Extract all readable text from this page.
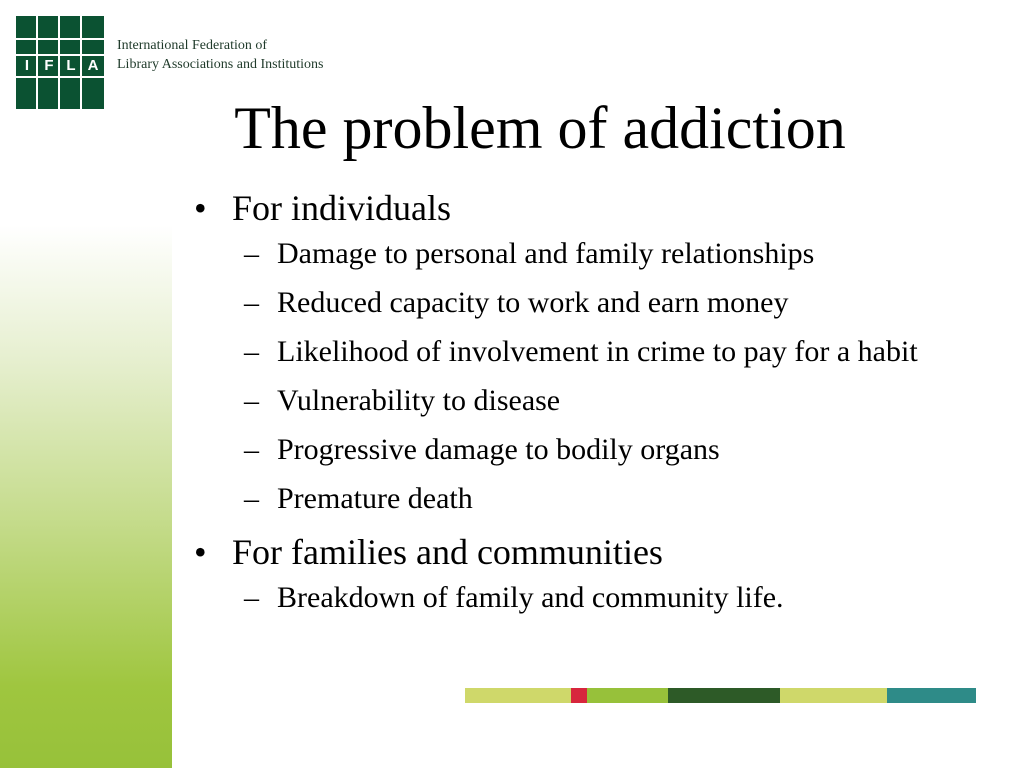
I	F L A
International Federation of
Library Associations and Institutions
The problem of addiction
• For individuals
– Damage to personal and family relationships
– Reduced capacity to work and earn money
– Likelihood of involvement in crime to pay for a habit
– Vulnerability to disease
– Progressive damage to bodily organs
– Premature death
• For families and communities
– Breakdown of family and community life.
